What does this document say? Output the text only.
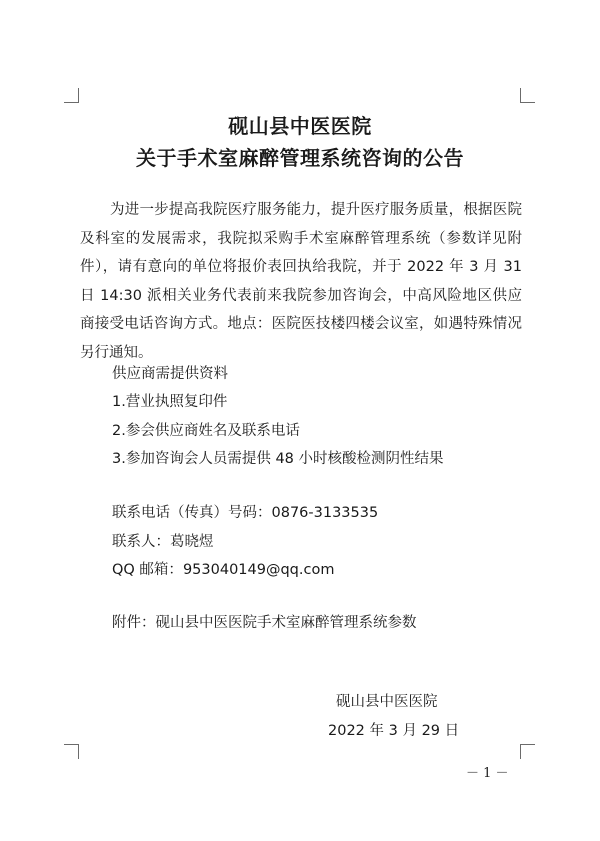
砚山县中医医院
关于手术室麻醉管理系统咨询的公告
为进一步提高我院医疗服务能力，提升医疗服务质量，根据医院及科室的发展需求，我院拟采购手术室麻醉管理系统（参数详见附件），请有意向的单位将报价表回执给我院，并于 2022 年 3 月 31 日 14:30 派相关业务代表前来我院参加咨询会，中高风险地区供应商接受电话咨询方式。地点：医院医技楼四楼会议室，如遇特殊情况另行通知。
供应商需提供资料
1.营业执照复印件
2.参会供应商姓名及联系电话
3.参加咨询会人员需提供 48 小时核酸检测阴性结果
联系电话（传真）号码：0876-3133535
联系人：葛晓煜
QQ 邮箱：953040149@qq.com
附件：砚山县中医医院手术室麻醉管理系统参数
砚山县中医医院
2022 年 3 月 29 日
－ 1 －
